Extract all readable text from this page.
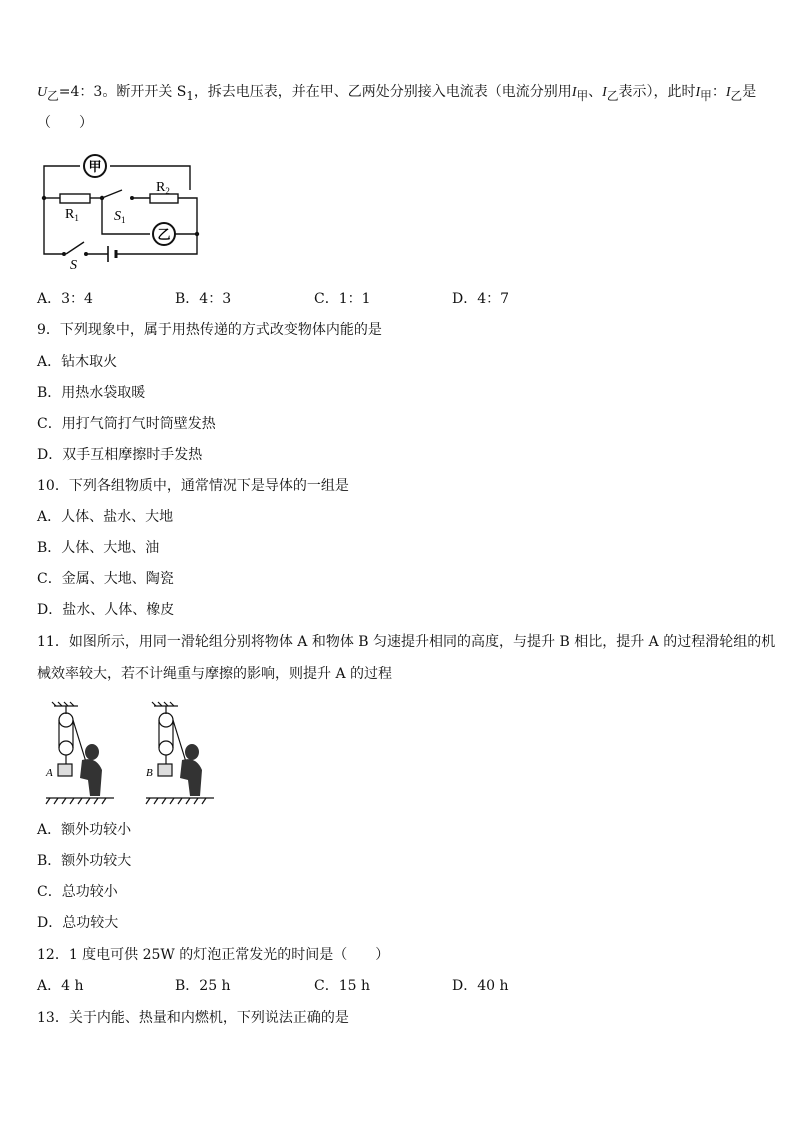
$U_乙=4$：3。断开开关 $S_1$，拆去电压表，并在甲、乙两处分别接入电流表（电流分别用$I_甲$、$I_乙$表示），此时$I_甲$：$I_乙$是
（　　）
甲
乙
$R_1$
$R_2$
$S_1$
S
A．3：4	B．4：3	C．1：1	D．4：7
9．下列现象中，属于用热传递的方式改变物体内能的是
A．钻木取火
B．用热水袋取暖
C．用打气筒打气时筒壁发热
D．双手互相摩擦时手发热
10．下列各组物质中，通常情况下是导体的一组是
A．人体、盐水、大地
B．人体、大地、油
C．金属、大地、陶瓷
D．盐水、人体、橡皮
11．如图所示，用同一滑轮组分别将物体 A 和物体 B 匀速提升相同的高度，与提升 B 相比，提升 A 的过程滑轮组的机
械效率较大，若不计绳重与摩擦的影响，则提升 A 的过程
A	B
A．额外功较小
B．额外功较大
C．总功较小
D．总功较大
12．1 度电可供 25W 的灯泡正常发光的时间是（　　）
A．4 h	B．25 h	C．15 h	D．40 h
13．关于内能、热量和内燃机，下列说法正确的是
